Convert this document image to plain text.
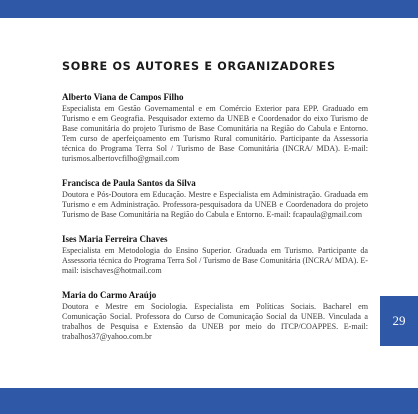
SOBRE OS AUTORES E ORGANIZADORES
Alberto Viana de Campos Filho
Especialista em Gestão Governamental e em Comércio Exterior para EPP. Graduado em Turismo e em Geografia. Pesquisador externo da UNEB e Coordenador do eixo Turismo de Base comunitária do projeto Turismo de Base Comunitária na Região do Cabula e Entorno. Tem curso de aperfeiçoamento em Turismo Rural comunitário. Participante da Assessoria técnica do Programa Terra Sol / Turismo de Base Comunitária (INCRA/ MDA). E-mail: turismos.albertovcfilho@gmail.com
Francisca de Paula Santos da Silva
Doutora e Pós-Doutora em Educação. Mestre e Especialista em Administração. Graduada em Turismo e em Administração. Professora-pesquisadora da UNEB e Coordenadora do projeto Turismo de Base Comunitária na Região do Cabula e Entorno. E-mail: fcapaula@gmail.com
Ises Maria Ferreira Chaves
Especialista em Metodologia do Ensino Superior. Graduada em Turismo. Participante da Assessoria técnica do Programa Terra Sol / Turismo de Base Comunitária (INCRA/ MDA). E-mail: isischaves@hotmail.com
Maria do Carmo Araújo
Doutora e Mestre em Sociologia. Especialista em Políticas Sociais. Bacharel em Comunicação Social. Professora do Curso de Comunicação Social da UNEB. Vinculada a trabalhos de Pesquisa e Extensão da UNEB por meio do ITCP/COAPPES. E-mail: trabalhos37@yahoo.com.br
29
